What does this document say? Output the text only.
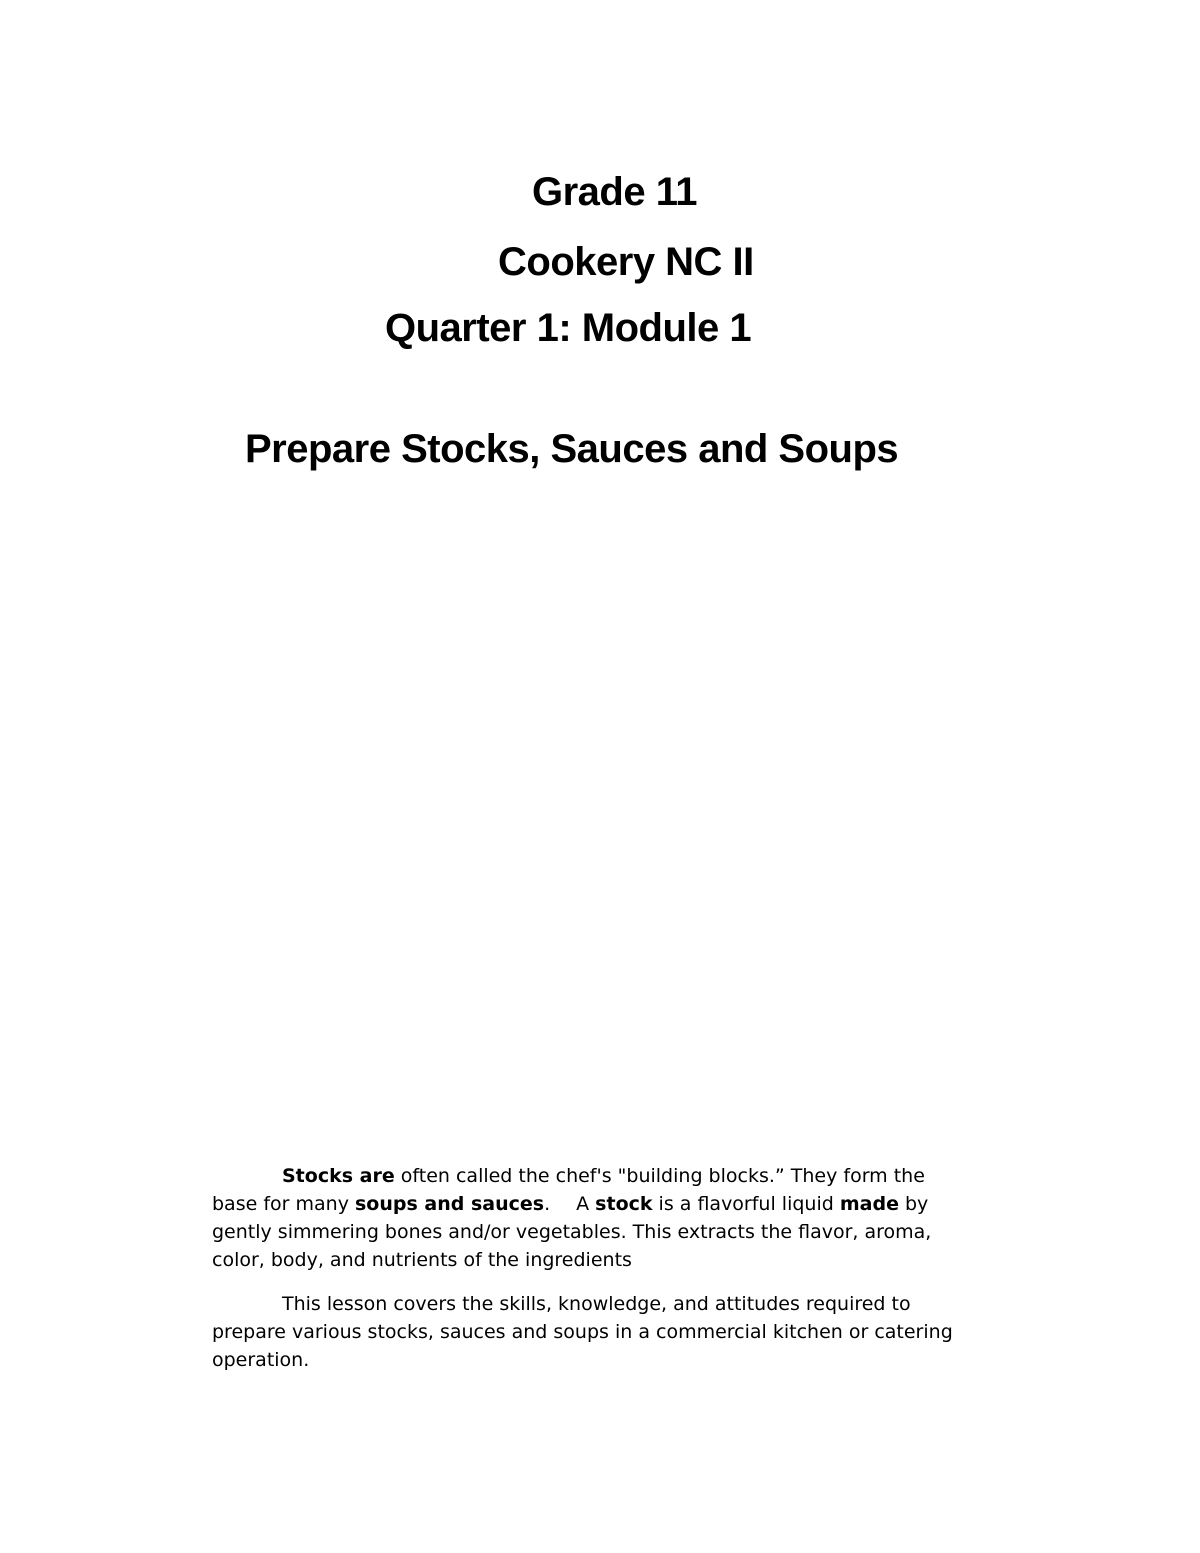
Grade 11
Cookery NC II
Quarter 1: Module 1
Prepare Stocks, Sauces and Soups
Stocks are often called the chef's "building blocks.” They form the
base for many soups and sauces. A stock is a flavorful liquid made by
gently simmering bones and/or vegetables. This extracts the flavor, aroma,
color, body, and nutrients of the ingredients
This lesson covers the skills, knowledge, and attitudes required to
prepare various stocks, sauces and soups in a commercial kitchen or catering
operation.
